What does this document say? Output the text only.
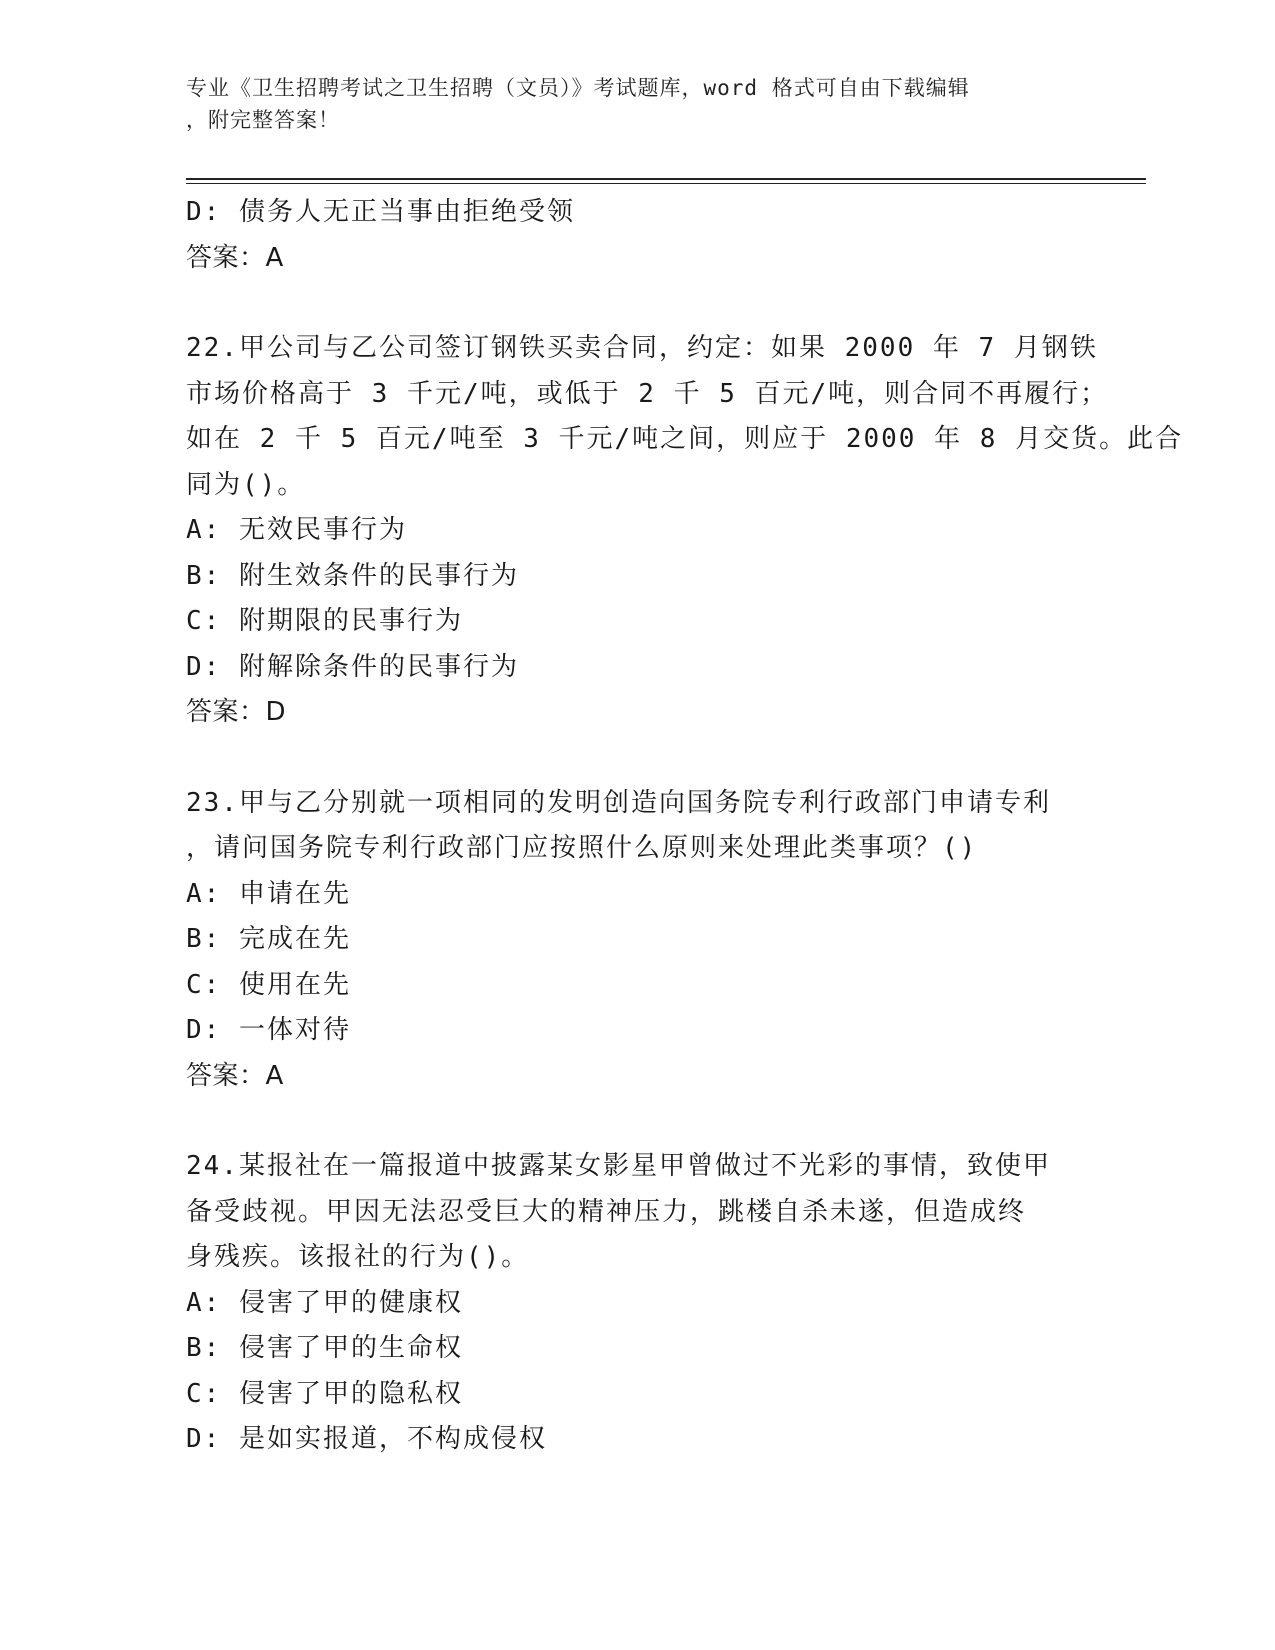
专业《卫生招聘考试之卫生招聘（文员）》考试题库，word 格式可自由下载编辑
，附完整答案！
D: 债务人无正当事由拒绝受领
答案：A
22.甲公司与乙公司签订钢铁买卖合同，约定：如果 2000 年 7 月钢铁
市场价格高于 3 千元/吨，或低于 2 千 5 百元/吨，则合同不再履行；
如在 2 千 5 百元/吨至 3 千元/吨之间，则应于 2000 年 8 月交货。此合
同为()。
A: 无效民事行为
B: 附生效条件的民事行为
C: 附期限的民事行为
D: 附解除条件的民事行为
答案：D
23.甲与乙分别就一项相同的发明创造向国务院专利行政部门申请专利
，请问国务院专利行政部门应按照什么原则来处理此类事项？()
A: 申请在先
B: 完成在先
C: 使用在先
D: 一体对待
答案：A
24.某报社在一篇报道中披露某女影星甲曾做过不光彩的事情，致使甲
备受歧视。甲因无法忍受巨大的精神压力，跳楼自杀未遂，但造成终
身残疾。该报社的行为()。
A: 侵害了甲的健康权
B: 侵害了甲的生命权
C: 侵害了甲的隐私权
D: 是如实报道，不构成侵权
